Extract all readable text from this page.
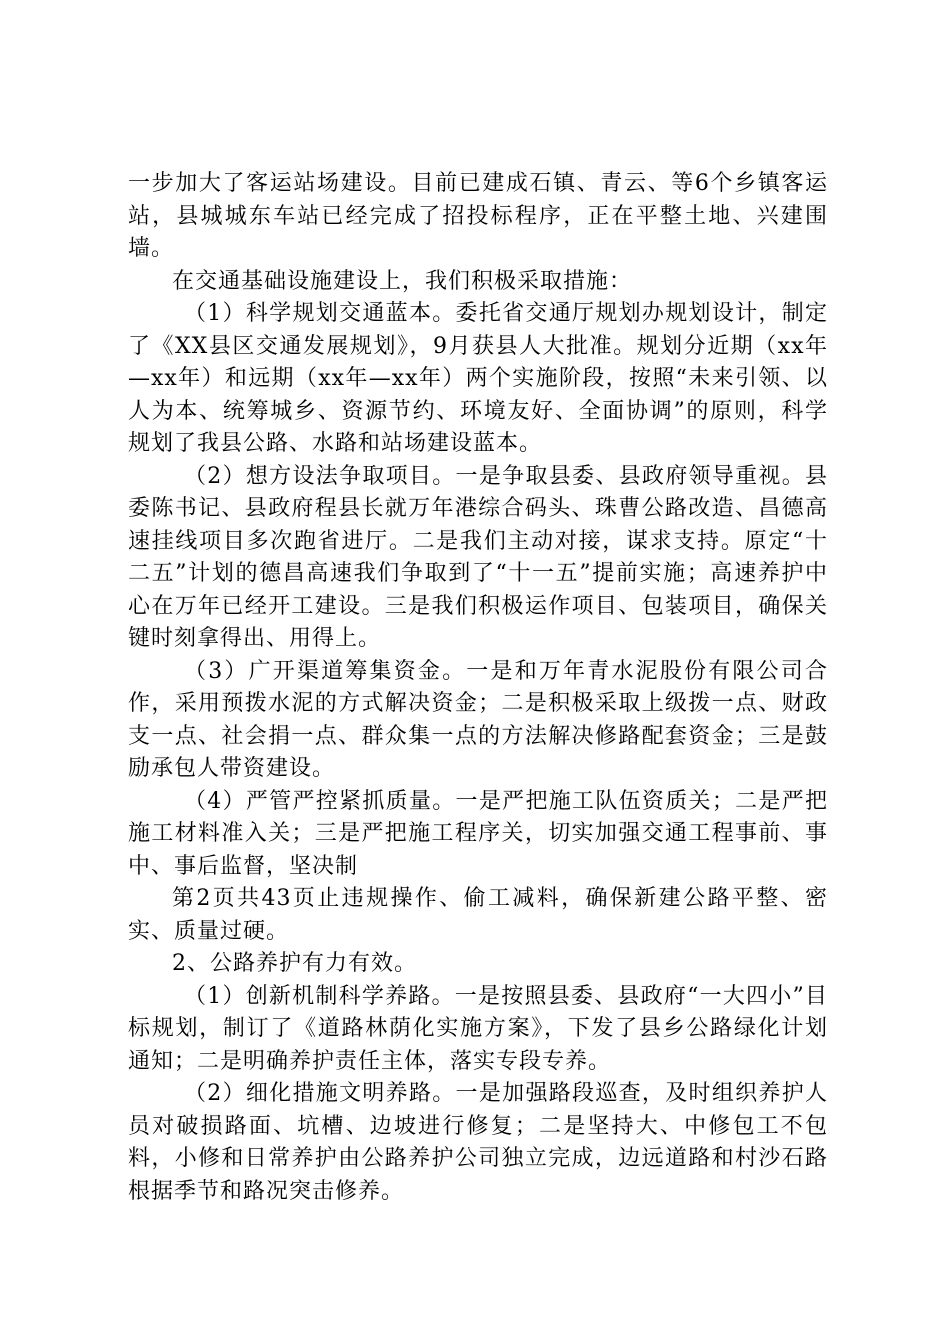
一步加大了客运站场建设。目前已建成石镇、青云、等6个乡镇客运站，县城城东车站已经完成了招投标程序，正在平整土地、兴建围墙。

在交通基础设施建设上，我们积极采取措施：

（1）科学规划交通蓝本。委托省交通厅规划办规划设计，制定了《XX县区交通发展规划》，9月获县人大批准。规划分近期（xx年—xx年）和远期（xx年—xx年）两个实施阶段，按照“未来引领、以人为本、统筹城乡、资源节约、环境友好、全面协调”的原则，科学规划了我县公路、水路和站场建设蓝本。

（2）想方设法争取项目。一是争取县委、县政府领导重视。县委陈书记、县政府程县长就万年港综合码头、珠曹公路改造、昌德高速挂线项目多次跑省进厅。二是我们主动对接，谋求支持。原定“十二五”计划的德昌高速我们争取到了“十一五”提前实施；高速养护中心在万年已经开工建设。三是我们积极运作项目、包装项目，确保关键时刻拿得出、用得上。

（3）广开渠道筹集资金。一是和万年青水泥股份有限公司合作，采用预拨水泥的方式解决资金；二是积极采取上级拨一点、财政支一点、社会捐一点、群众集一点的方法解决修路配套资金；三是鼓励承包人带资建设。

（4）严管严控紧抓质量。一是严把施工队伍资质关；二是严把施工材料准入关；三是严把施工程序关，切实加强交通工程事前、事中、事后监督，坚决制

第2页共43页止违规操作、偷工减料，确保新建公路平整、密实、质量过硬。

2、公路养护有力有效。

（1）创新机制科学养路。一是按照县委、县政府“一大四小”目标规划，制订了《道路林荫化实施方案》，下发了县乡公路绿化计划通知；二是明确养护责任主体，落实专段专养。

（2）细化措施文明养路。一是加强路段巡查，及时组织养护人员对破损路面、坑槽、边坡进行修复；二是坚持大、中修包工不包料，小修和日常养护由公路养护公司独立完成，边远道路和村沙石路根据季节和路况突击修养。
